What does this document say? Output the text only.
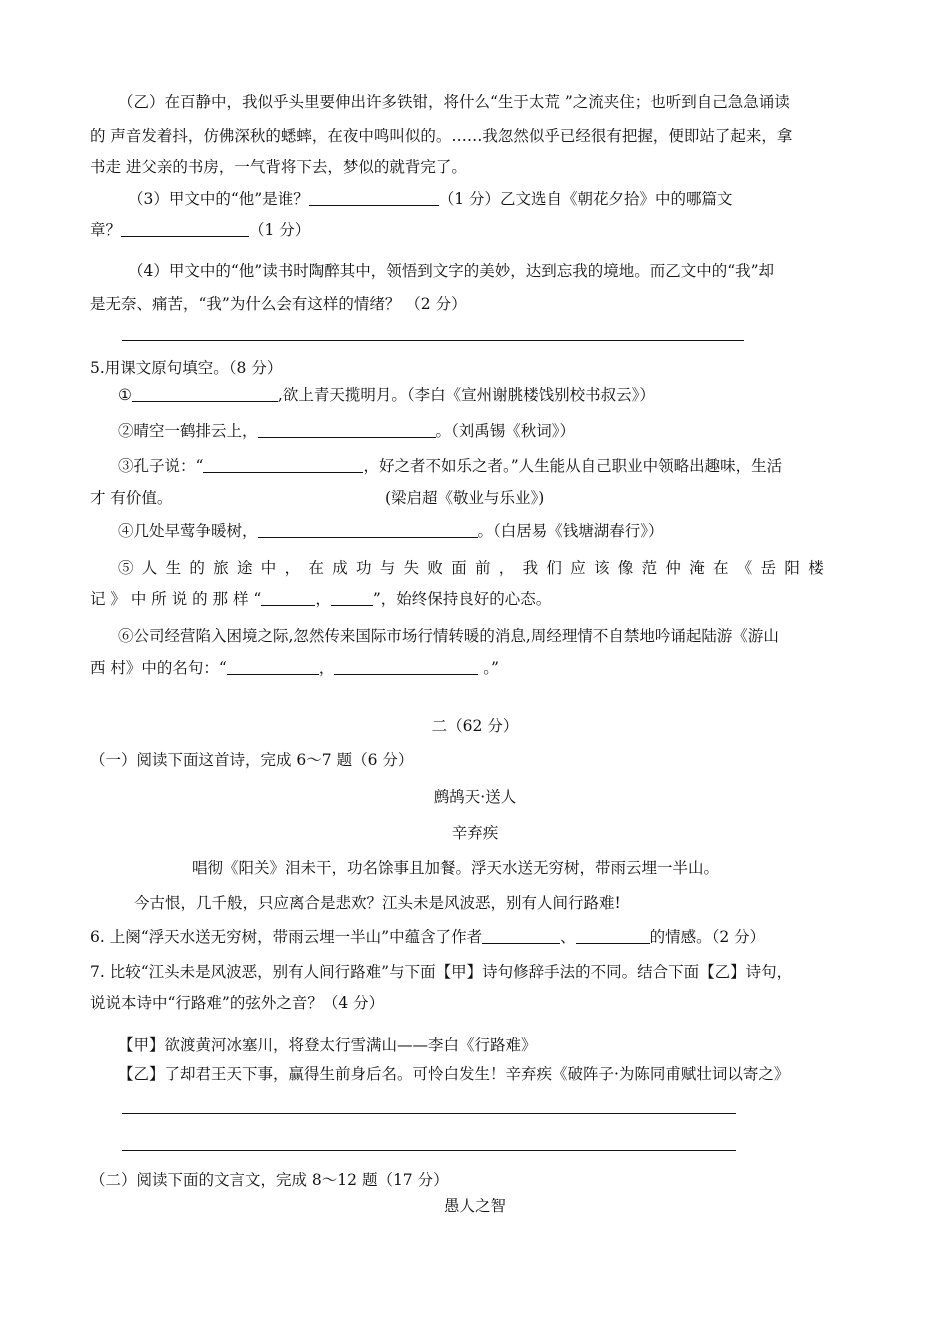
（乙）在百静中，我似乎头里要伸出许多铁钳，将什么“生于太荒 ”之流夹住；也听到自己急急诵读
的 声音发着抖，仿佛深秋的蟋蟀，在夜中鸣叫似的。……我忽然似乎已经很有把握，便即站了起来，拿
书走 进父亲的书房，一气背将下去，梦似的就背完了。
（3）甲文中的“他”是谁？	（1 分）乙文选自《朝花夕拾》中的哪篇文
章？	（1 分）
（4）甲文中的“他”读书时陶醉其中，领悟到文字的美妙，达到忘我的境地。而乙文中的“我”却
是无奈、痛苦，“我”为什么会有这样的情绪？ （2 分）
5.用课文原句填空。（8 分）
①	,欲上青天揽明月。（李白《宣州谢朓楼饯别校书叔云》）
②晴空一鹤排云上，	。（刘禹锡《秋词》）
③孔子说：“	，好之者不如乐之者。”人生能从自己职业中领略出趣味，生活
才 有价值。	(梁启超《敬业与乐业》)
④几处早莺争暖树，	。（白居易《钱塘湖春行》）
⑤人生的旅途中，在成功与失败面前，我们应该像范仲淹在《岳阳楼
记 》 中 所 说 的 那 样 “	，	”，始终保持良好的心态。
⑥公司经营陷入困境之际,忽然传来国际市场行情转暖的消息,周经理情不自禁地吟诵起陆游《游山
西 村》中的名句：“	，	。”
二（62 分）
（一）阅读下面这首诗，完成 6～7 题（6 分）
鹧鸪天·送人
辛弃疾
唱彻《阳关》泪未干，功名馀事且加餐。浮天水送无穷树，带雨云埋一半山。
今古恨，几千般，只应离合是悲欢？江头未是风波恶，别有人间行路难!
6. 上阕“浮天水送无穷树，带雨云埋一半山”中蕴含了作者	、	的情感。（2 分）
7. 比较“江头未是风波恶，别有人间行路难”与下面【甲】诗句修辞手法的不同。结合下面【乙】诗句，
说说本诗中“行路难”的弦外之音？（4 分）
【甲】欲渡黄河冰塞川，将登太行雪满山——李白《行路难》
【乙】了却君王天下事，赢得生前身后名。可怜白发生！辛弃疾《破阵子·为陈同甫赋壮词以寄之》
（二）阅读下面的文言文，完成 8～12 题（17 分）
愚人之智
